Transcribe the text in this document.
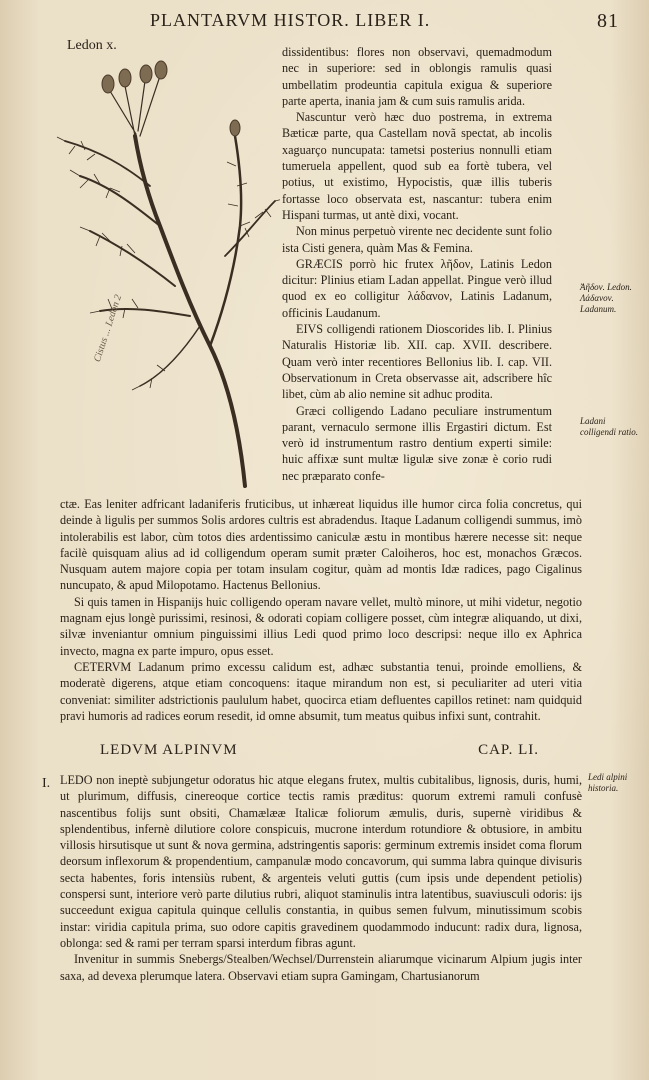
PLANTARVM HISTOR. LIBER I.	81
Ledon x.
Cistus ... Ledon 2

dissidentibus: flores non observavi, quemadmodum nec in superiore: sed in oblongis ramulis quasi umbellatim prodeuntia capitula exigua & superiore parte aperta, inania jam & cum suis ramulis arida.

Nascuntur verò hæc duo postrema, in extrema Bæticæ parte, qua Castellam novã spectat, ab incolis xaguarço nuncupata: tametsi posterius nonnulli etiam tumeruela appellent, quod sub ea fortè tubera, vel potius, ut existimo, Hypocistis, quæ illis tuberis fortasse loco observata est, nascantur: tubera enim Hispani turmas, ut antè dixi, vocant.

Non minus perpetuò virente nec decidente sunt folio ista Cisti genera, quàm Mas & Femina.

GRÆCIS porrò hic frutex λῆδον, Latinis Ledon dicitur: Plinius etiam Ladan appellat. Pingue verò illud quod ex eo colligitur λάδανον, Latinis Ladanum, officinis Laudanum.

EIVS colligendi rationem Dioscorides lib. I. Plinius Naturalis Historiæ lib. XII. cap. XVII. describere. Quam verò inter recentiores Bellonius lib. I. cap. VII. Observationum in Creta observasse ait, adscribere hîc libet, cùm ab alio nemine sit adhuc prodita.

Græci colligendo Ladano peculiare instrumentum parant, vernaculo sermone illis Ergastiri dictum. Est verò id instrumentum rastro dentium experti simile: huic affixæ sunt multæ ligulæ sive zonæ è corio rudi nec præparato confe-

Ἀῆδον. Ledon. Λάδανον. Ladanum.
Ladani colligendi ratio.

ctæ. Eas leniter adfricant ladaniferis fruticibus, ut inhæreat liquidus ille humor circa folia concretus, qui deinde à ligulis per summos Solis ardores cultris est abradendus. Itaque Ladanum colligendi summus, imò intolerabilis est labor, cùm totos dies ardentissimo caniculæ æstu in montibus hærere necesse sit: neque facilè quisquam alius ad id colligendum operam sumit præter Caloiheros, hoc est, monachos Græcos. Nusquam autem majore copia per totam insulam cogitur, quàm ad montis Idæ radices, pago Cigalinus nuncupato, & apud Milopotamo. Hactenus Bellonius.

Si quis tamen in Hispanijs huic colligendo operam navare vellet, multò minore, ut mihi videtur, negotio magnam ejus longè purissimi, resinosi, & odorati copiam colligere posset, cùm integræ aliquando, ut dixi, silvæ inveniantur omnium pinguissimi illius Ledi quod primo loco descripsi: neque illo ex Aphrica invecto, magna ex parte impuro, opus esset.

CETERVM Ladanum primo excessu calidum est, adhæc substantia tenui, proinde emolliens, & moderatè digerens, atque etiam concoquens: itaque mirandum non est, si peculiariter ad uteri vitia conveniat: similiter adstrictionis paululum habet, quocirca etiam defluentes capillos retinet: nam quidquid pravi humoris ad radices eorum resedit, id omne absumit, tum meatus quibus infixi sunt, contrahit.

LEDVM ALPINVM	CAP. LI.
I.	Ledi alpini historia.

LEDO non ineptè subjungetur odoratus hic atque elegans frutex, multis cubitalibus, lignosis, duris, humi, ut plurimum, diffusis, cinereoque cortice tectis ramis præditus: quorum extremi ramuli confusè nascentibus folijs sunt obsiti, Chamælææ Italicæ foliorum æmulis, duris, supernè viridibus & splendentibus, infernè dilutiore colore conspicuis, mucrone interdum rotundiore & obtusiore, in ambitu villosis hirsutisque ut sunt & nova germina, adstringentis saporis: germinum extremis insidet coma florum deorsum inflexorum & propendentium, campanulæ modo concavorum, qui summa labra quinque divisuris secta habentes, foris intensiùs rubent, & argenteis veluti guttis (cum ipsis unde dependent petiolis) conspersi sunt, interiore verò parte dilutius rubri, aliquot staminulis intra latentibus, suaviusculi odoris: ijs succeedunt exigua capitula quinque cellulis constantia, in quibus semen fulvum, minutissimum scobis instar: viridia capitula prima, suo odore capitis gravedinem quodammodo inducunt: radix dura, lignosa, oblonga: sed & rami per terram sparsi interdum fibras agunt.

Invenitur in summis Snebergs/Stealben/Wechsel/Durrenstein aliarumque vicinarum Alpium jugis inter saxa, ad devexa plerumque latera. Observavi etiam supra Gamingam, Chartusianorum
